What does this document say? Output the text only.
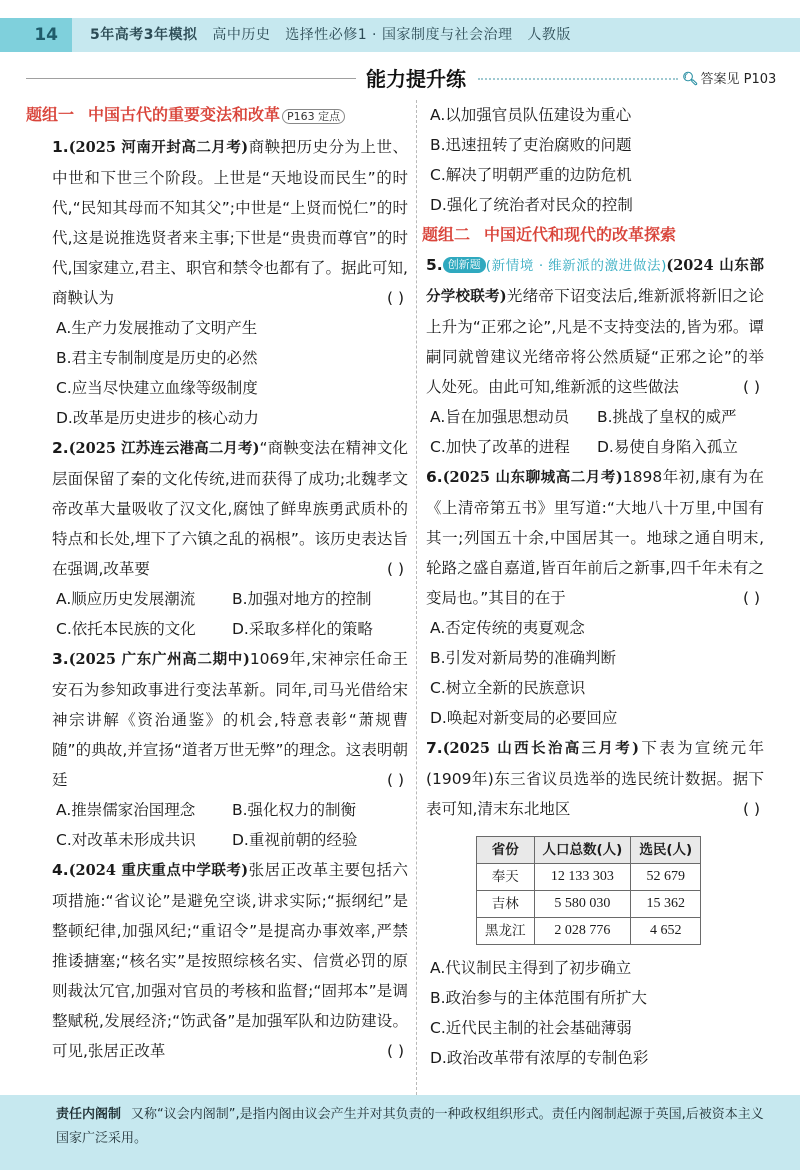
14	5年高考3年模拟 高中历史 选择性必修1 · 国家制度与社会治理 人教版
能力提升练	🔍︎ 答案见 P103
题组一 中国古代的重要变法和改革 P163 定点
1.(2025 河南开封高二月考)商鞅把历史分为上世、中世和下世三个阶段。上世是“天地设而民生”的时代,“民知其母而不知其父”;中世是“上贤而悦仁”的时代,这是说推选贤者来主事;下世是“贵贵而尊官”的时代,国家建立,君主、职官和禁令也都有了。据此可知,商鞅认为	( )
A.生产力发展推动了文明产生
B.君主专制制度是历史的必然
C.应当尽快建立血缘等级制度
D.改革是历史进步的核心动力
2.(2025 江苏连云港高二月考)“商鞅变法在精神文化层面保留了秦的文化传统,进而获得了成功;北魏孝文帝改革大量吸收了汉文化,腐蚀了鲜卑族勇武质朴的特点和长处,埋下了六镇之乱的祸根”。该历史表达旨在强调,改革要	( )
A.顺应历史发展潮流	B.加强对地方的控制
C.依托本民族的文化	D.采取多样化的策略
3.(2025 广东广州高二期中)1069年,宋神宗任命王安石为参知政事进行变法革新。同年,司马光借给宋神宗讲解《资治通鉴》的机会,特意表彰“萧规曹随”的典故,并宣扬“道者万世无弊”的理念。这表明朝廷	( )
A.推崇儒家治国理念	B.强化权力的制衡
C.对改革未形成共识	D.重视前朝的经验
4.(2024 重庆重点中学联考)张居正改革主要包括六项措施:“省议论”是避免空谈,讲求实际;“振纲纪”是整顿纪律,加强风纪;“重诏令”是提高办事效率,严禁推诿搪塞;“核名实”是按照综核名实、信赏必罚的原则裁汰冗官,加强对官员的考核和监督;“固邦本”是调整赋税,发展经济;“饬武备”是加强军队和边防建设。可见,张居正改革	( )
A.以加强官员队伍建设为重心
B.迅速扭转了吏治腐败的问题
C.解决了明朝严重的边防危机
D.强化了统治者对民众的控制
题组二 中国近代和现代的改革探索
5. 创新题 (新情境 · 维新派的激进做法)(2024 山东部分学校联考)光绪帝下诏变法后,维新派将新旧之论上升为“正邪之论”,凡是不支持变法的,皆为邪。谭嗣同就曾建议光绪帝将公然质疑“正邪之论”的举人处死。由此可知,维新派的这些做法	( )
A.旨在加强思想动员	B.挑战了皇权的威严
C.加快了改革的进程	D.易使自身陷入孤立
6.(2025 山东聊城高二月考)1898年初,康有为在《上清帝第五书》里写道:“大地八十万里,中国有其一;列国五十余,中国居其一。地球之通自明末,轮路之盛自嘉道,皆百年前后之新事,四千年未有之变局也。”其目的在于	( )
A.否定传统的夷夏观念
B.引发对新局势的准确判断
C.树立全新的民族意识
D.唤起对新变局的必要回应
7.(2025 山西长治高三月考)下表为宣统元年(1909年)东三省议员选举的选民统计数据。据下表可知,清末东北地区	( )
省份	人口总数(人)	选民(人)
奉天	12 133 303	52 679
吉林	5 580 030	15 362
黑龙江	2 028 776	4 652
A.代议制民主得到了初步确立
B.政治参与的主体范围有所扩大
C.近代民主制的社会基础薄弱
D.政治改革带有浓厚的专制色彩
责任内阁制 又称“议会内阁制”,是指内阁由议会产生并对其负责的一种政权组织形式。责任内阁制起源于英国,后被资本主义国家广泛采用。
